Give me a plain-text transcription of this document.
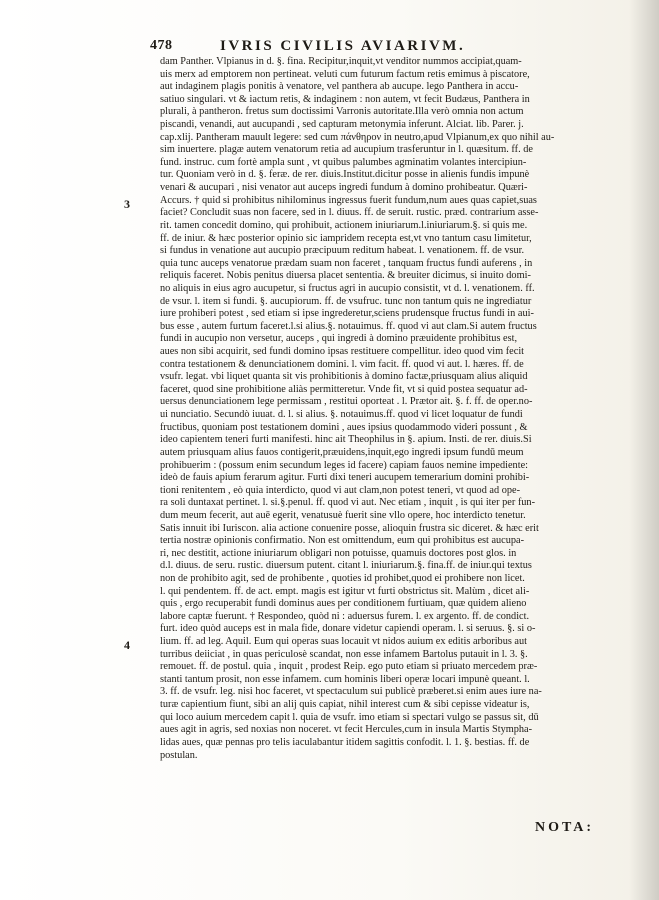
478	IVRIS CIVILIS AVIARIVM.
3
4
dam Panther. Vlpianus in d. §. fina. Recipitur,inquit,vt venditor nummos accipiat,quam-
uis merx ad emptorem non pertineat. veluti cum futurum factum retis emimus à piscatore,
aut indaginem plagis ponitis à venatore, vel panthera ab aucupe. lego Panthera in accu-
satiuo singulari. vt & iactum retis, & indaginem : non autem, vt fecit Budæus, Panthera in
plurali, à pantheron. fretus sum doctissimi Varronis autoritate.Illa verò omnia non actum
piscandi, venandi, aut aucupandi , sed capturam metonymia inferunt. Alciat. lib. Parer. j.
cap.xlij. Pantheram mauult legere: sed cum πάνθηρον in neutro,apud Vlpianum,ex quo nihil au-
sim inuertere. plagæ autem venatorum retia ad aucupium trasferuntur in l. quæsitum. ff. de
fund. instruc. cum fortè ampla sunt , vt quibus palumbes agminatim volantes intercipiun-
tur. Quoniam verò in d. §. feræ. de rer. diuis.Institut.dicitur posse in alienis fundis impunè
venari & aucupari , nisi venator aut auceps ingredi fundum à domino prohibeatur. Quæri-
Accurs. † quid si prohibitus nihilominus ingressus fuerit fundum,num aues quas capiet,suas
faciet? Concludit suas non facere, sed in l. diuus. ff. de seruit. rustic. præd. contrarium asse-
rit. tamen concedit domino, qui prohibuit, actionem iniuriarum.l.iniuriarum.§. si quis me.
ff. de iniur. & hæc posterior opinio sic iampridem recepta est,vt vno tantum casu limitetur,
si fundus in venatione aut aucupio præcipuum reditum habeat. l. venationem. ff. de vsur.
quia tunc auceps venatorue prædam suam non faceret , tanquam fructus fundi auferens , in
reliquis faceret. Nobis penitus diuersa placet sententia. & breuiter dicimus, si inuito domi-
no aliquis in eius agro aucupetur, si fructus agri in aucupio consistit, vt d. l. venationem. ff.
de vsur. l. item si fundi. §. aucupiorum. ff. de vsufruc. tunc non tantum quis ne ingrediatur
iure prohiberi potest , sed etiam si ipse ingrederetur,sciens prudensque fructus fundi in aui-
bus esse , autem furtum faceret.l.si alius.§. notauimus. ff. quod vi aut clam.Si autem fructus
fundi in aucupio non versetur, auceps , qui ingredi à domino præuidente prohibitus est,
aues non sibi acquirit, sed fundi domino ipsas restituere compellitur. ideo quod vim fecit
contra testationem & denunciationem domini. l. vim facit. ff. quod vi aut. l. hæres. ff. de
vsufr. legat. vbi liquet quanta sit vis prohibitionis à domino factæ,priusquam alius aliquid
faceret, quod sine prohibitione aliàs permitteretur. Vnde fit, vt si quid postea sequatur ad-
uersus denunciationem lege permissam , restitui oporteat . l. Prætor ait. §. f. ff. de oper.no-
ui nunciatio. Secundò iuuat. d. l. si alius. §. notauimus.ff. quod vi licet loquatur de fundi
fructibus, quoniam post testationem domini , aues ipsius quodammodo videri possunt , &
ideo capientem teneri furti manifesti. hinc ait Theophilus in §. apium. Insti. de rer. diuis.Si
autem priusquam alius fauos contigerit,præuidens,inquit,ego ingredi ipsum fundū meum
prohibuerim : (possum enim secundum leges id facere) capiam fauos nemine impediente:
ideò de fauis apium ferarum agitur. Furti dixi teneri aucupem temerarium domini prohibi-
tioni renitentem , eò quia interdicto, quod vi aut clam,non potest teneri, vt quod ad ope-
ra soli duntaxat pertinet. l. si.§.penul. ff. quod vi aut. Nec etiam , inquit , is qui iter per fun-
dum meum fecerit, aut auē egerit, venatusuè fuerit sine vllo opere, hoc interdicto tenetur.
Satis innuit ibi Iuriscon. alia actione conuenire posse, alioquin frustra sic diceret. & hæc erit
tertia nostræ opinionis confirmatio. Non est omittendum, eum qui prohibitus est aucupa-
ri, nec destitit, actione iniuriarum obligari non potuisse, quamuis doctores post glos. in
d.l. diuus. de seru. rustic. diuersum putent. citant l. iniuriarum.§. fina.ff. de iniur.qui textus
non de prohibito agit, sed de prohibente , quoties id prohibet,quod ei prohibere non licet.
l. qui pendentem. ff. de act. empt. magis est igitur vt furti obstrictus sit. Malùm , dicet ali-
quis , ergo recuperabit fundi dominus aues per conditionem furtiuam, quæ quidem alieno
labore captæ fuerunt. † Respondeo, quòd ni : aduersus furem. l. ex argento. ff. de condict.
furt. ideo quòd auceps est in mala fide, donare videtur capiendi operam. l. si seruus. §. si o-
lium. ff. ad leg. Aquil. Eum qui operas suas locauit vt nidos auium ex editis arboribus aut
turribus deiiciat , in quas periculosè scandat, non esse infamem Bartolus putauit in l. 3. §.
remouet. ff. de postul. quia , inquit , prodest Reip. ego puto etiam si priuato mercedem præ-
stanti tantum prosit, non esse infamem. cum hominis liberi operæ locari impunè queant. l.
3. ff. de vsufr. leg. nisi hoc faceret, vt spectaculum sui publicè præberet.si enim aues iure na-
turæ capientium fiunt, sibi an alij quis capiat, nihil interest cum & sibi cepisse videatur is,
qui loco auium mercedem capit l. quia de vsufr. imo etiam si spectari vulgo se passus sit, dū
aues agit in agris, sed noxias non noceret. vt fecit Hercules,cum in insula Martis Stympha-
lidas aues, quæ pennas pro telis iaculabantur itidem sagittis confodit. l. 1. §. bestias. ff. de
postulan.
NOTA:
